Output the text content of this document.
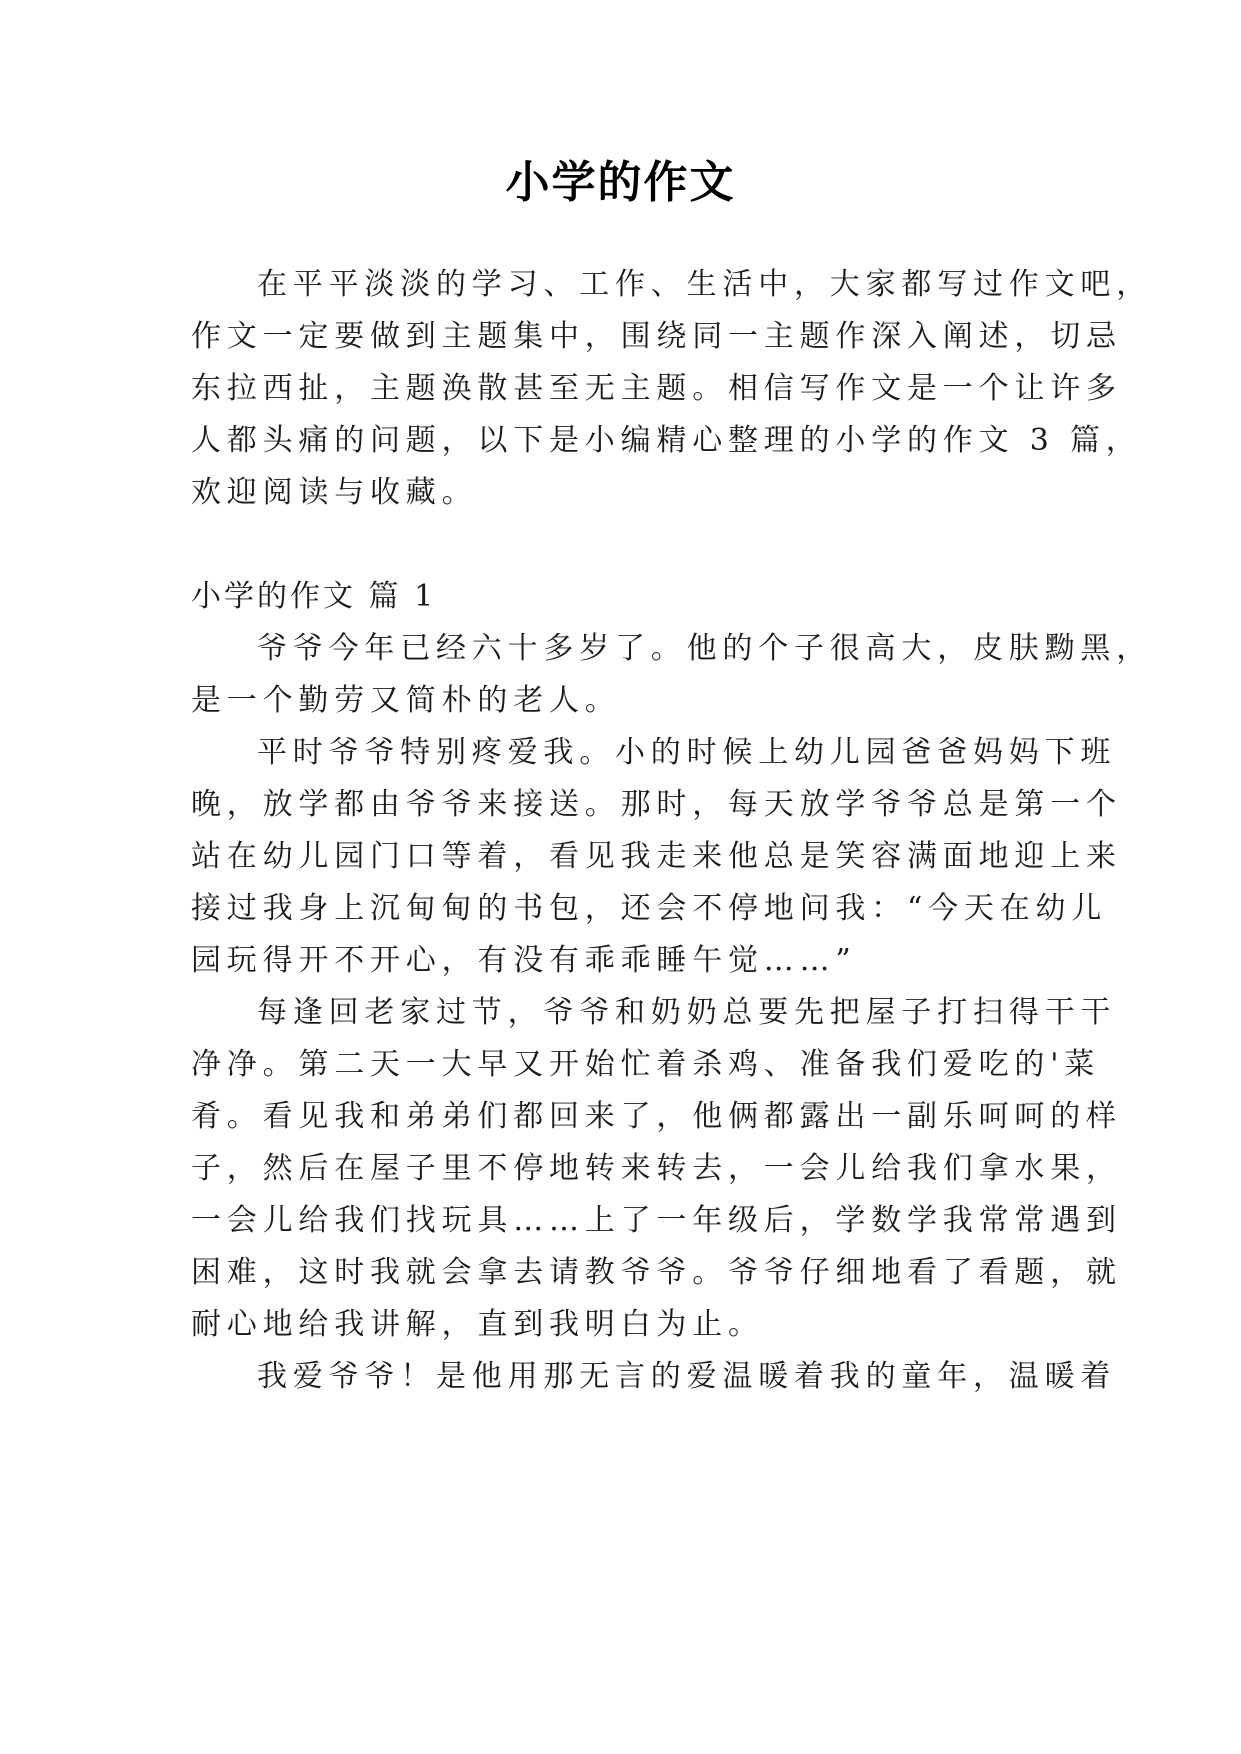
小学的作文
在平平淡淡的学习、工作、生活中，大家都写过作文吧，
作文一定要做到主题集中，围绕同一主题作深入阐述，切忌
东拉西扯，主题涣散甚至无主题。相信写作文是一个让许多
人都头痛的问题，以下是小编精心整理的小学的作文 3 篇，
欢迎阅读与收藏。
小学的作文 篇 1
爷爷今年已经六十多岁了。他的个子很高大，皮肤黝黑，
是一个勤劳又简朴的老人。
平时爷爷特别疼爱我。小的时候上幼儿园爸爸妈妈下班
晚，放学都由爷爷来接送。那时，每天放学爷爷总是第一个
站在幼儿园门口等着，看见我走来他总是笑容满面地迎上来
接过我身上沉甸甸的书包，还会不停地问我：“今天在幼儿
园玩得开不开心，有没有乖乖睡午觉……”
每逢回老家过节，爷爷和奶奶总要先把屋子打扫得干干
净净。第二天一大早又开始忙着杀鸡、准备我们爱吃的'菜
肴。看见我和弟弟们都回来了，他俩都露出一副乐呵呵的样
子，然后在屋子里不停地转来转去，一会儿给我们拿水果，
一会儿给我们找玩具……上了一年级后，学数学我常常遇到
困难，这时我就会拿去请教爷爷。爷爷仔细地看了看题，就
耐心地给我讲解，直到我明白为止。
我爱爷爷！是他用那无言的爱温暖着我的童年，温暖着
